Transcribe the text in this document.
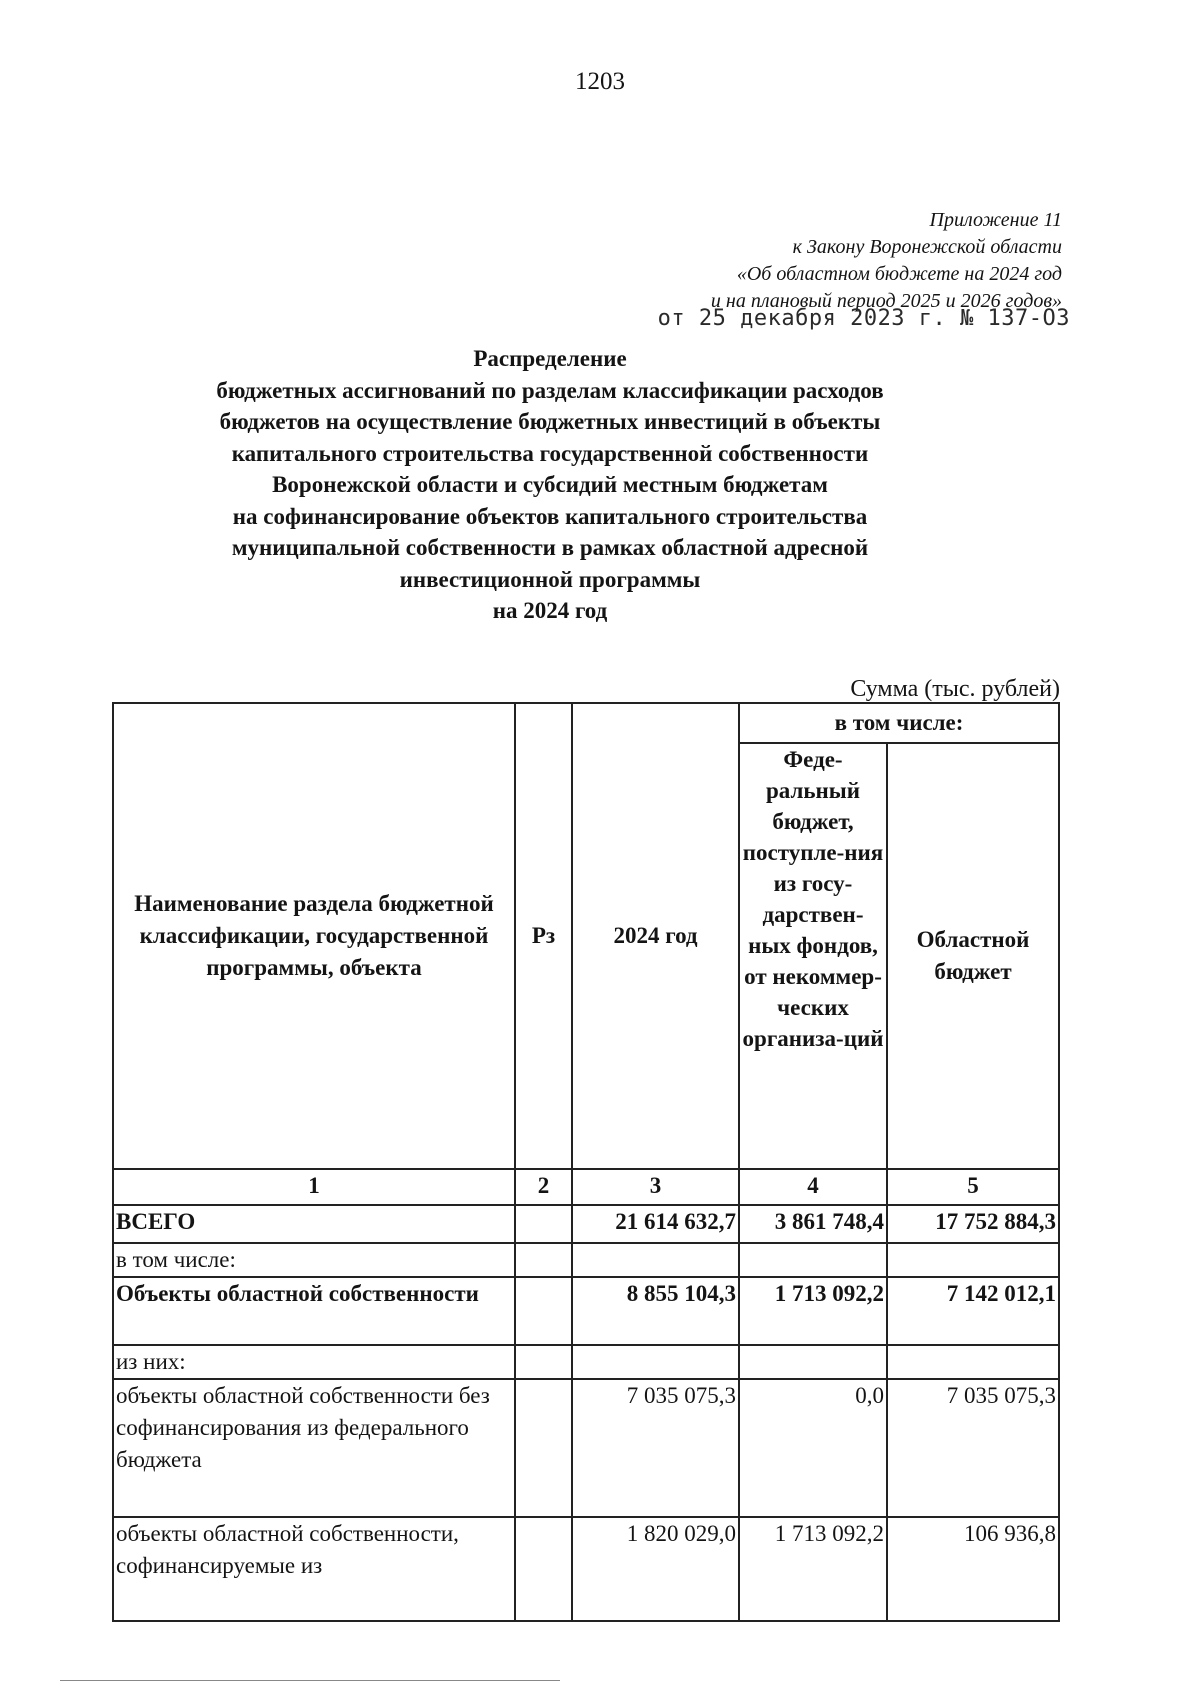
1203
Приложение 11
к Закону Воронежской области
«Об областном бюджете на 2024 год
и на плановый период 2025 и 2026 годов»
от 25 декабря 2023 г. № 137-ОЗ
Распределение
бюджетных ассигнований по разделам классификации расходов
бюджетов на осуществление бюджетных инвестиций в объекты
капитального строительства государственной собственности
Воронежской области и субсидий местным бюджетам
на софинансирование объектов капитального строительства
муниципальной собственности в рамках областной адресной
инвестиционной программы
на 2024 год
Сумма (тыс. рублей)
Наименование раздела бюджетной классификации, государственной программы, объекта	Рз	2024 год	в том числе:	
			Феде-ральный бюджет, поступле-ния из госу-дарствен-ных фондов, от некоммер-ческих организа-ций	Областной бюджет
1	2	3	4	5
ВСЕГО		21 614 632,7	3 861 748,4	17 752 884,3
в том числе:				
Объекты областной собственности		8 855 104,3	1 713 092,2	7 142 012,1
из них:				
объекты областной собственности без софинансирования из федерального бюджета		7 035 075,3	0,0	7 035 075,3
объекты областной собственности, софинансируемые из		1 820 029,0	1 713 092,2	106 936,8
